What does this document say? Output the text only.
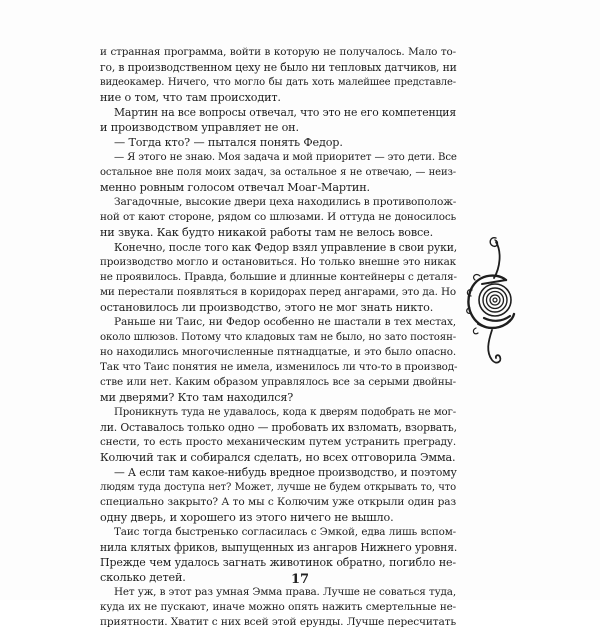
и странная программа, войти в которую не получалось. Мало то-
го, в производственном цеху не было ни тепловых датчиков, ни
видеокамер. Ничего, что могло бы дать хоть малейшее представле-
ние о том, что там происходит.
Мартин на все вопросы отвечал, что это не его компетенция
и производством управляет не он.
— Тогда кто? — пытался понять Федор.
— Я этого не знаю. Моя задача и мой приоритет — это дети. Все
остальное вне поля моих задач, за остальное я не отвечаю, — неиз-
менно ровным голосом отвечал Моаг-Мартин.
Загадочные, высокие двери цеха находились в противополож-
ной от кают стороне, рядом со шлюзами. И оттуда не доносилось
ни звука. Как будто никакой работы там не велось вовсе.
Конечно, после того как Федор взял управление в свои руки,
производство могло и остановиться. Но только внешне это никак
не проявилось. Правда, большие и длинные контейнеры с деталя-
ми перестали появляться в коридорах перед ангарами, это да. Но
остановилось ли производство, этого не мог знать никто.
Раньше ни Таис, ни Федор особенно не шастали в тех местах,
около шлюзов. Потому что кладовых там не было, но зато постоян-
но находились многочисленные пятнадцатые, и это было опасно.
Так что Таис понятия не имела, изменилось ли что-то в производ-
стве или нет. Каким образом управлялось все за серыми двойны-
ми дверями? Кто там находился?
Проникнуть туда не удавалось, кода к дверям подобрать не мог-
ли. Оставалось только одно — пробовать их взломать, взорвать,
снести, то есть просто механическим путем устранить преграду.
Колючий так и собирался сделать, но всех отговорила Эмма.
— А если там какое-нибудь вредное производство, и поэтому
людям туда доступа нет? Может, лучше не будем открывать то, что
специально закрыто? А то мы с Колючим уже открыли один раз
одну дверь, и хорошего из этого ничего не вышло.
Таис тогда быстренько согласилась с Эмкой, едва лишь вспом-
нила клятых фриков, выпущенных из ангаров Нижнего уровня.
Прежде чем удалось загнать животинок обратно, погибло не-
сколько детей.
Нет уж, в этот раз умная Эмма права. Лучше не соваться туда,
куда их не пускают, иначе можно опять нажить смертельные не-
приятности. Хватит с них всей этой ерунды. Лучше пересчитать
17
